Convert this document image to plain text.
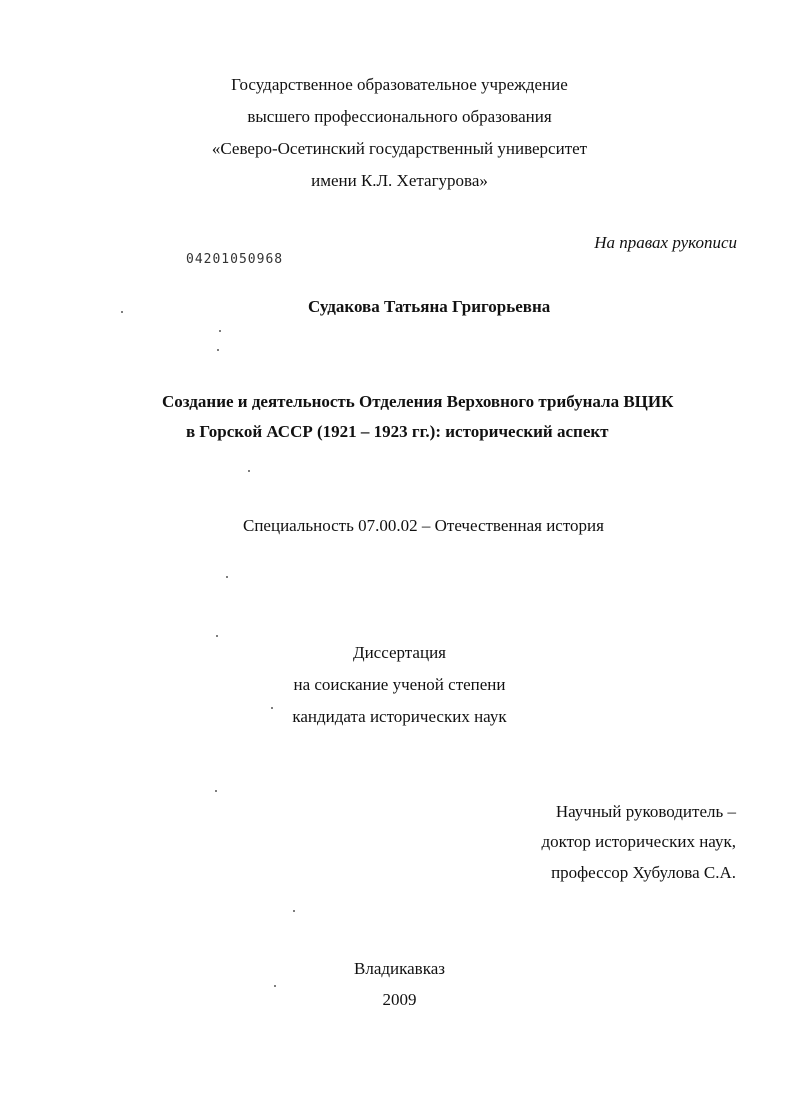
Государственное образовательное учреждение
высшего профессионального образования
«Северо-Осетинский государственный университет
имени К.Л. Хетагурова»
На правах рукописи
04201050968
Судакова Татьяна Григорьевна
Создание и деятельность Отделения Верховного трибунала ВЦИК
в Горской АССР (1921 – 1923 гг.): исторический аспект
Специальность 07.00.02 – Отечественная история
Диссертация
на соискание ученой степени
кандидата исторических наук
Научный руководитель –
доктор исторических наук,
профессор Хубулова С.А.
Владикавказ
2009
